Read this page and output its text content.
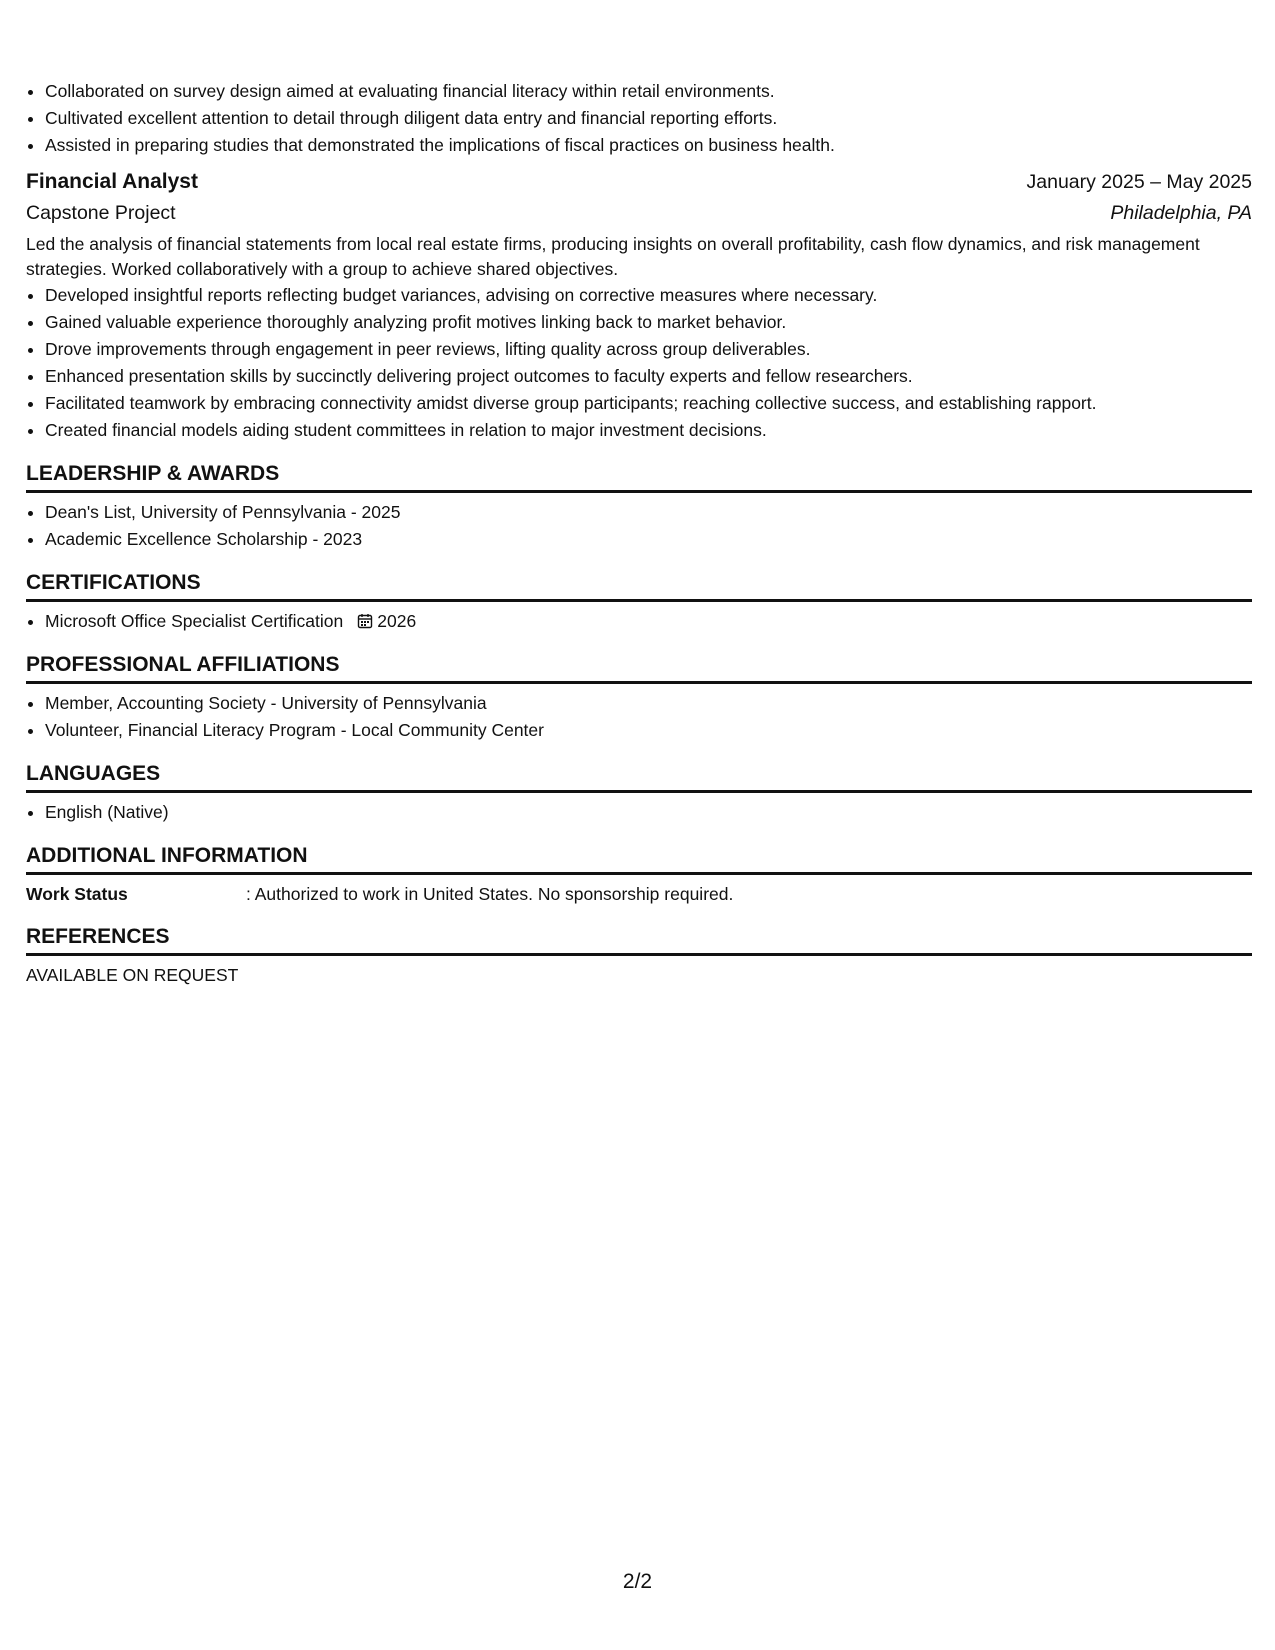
• Collaborated on survey design aimed at evaluating financial literacy within retail environments.
• Cultivated excellent attention to detail through diligent data entry and financial reporting efforts.
• Assisted in preparing studies that demonstrated the implications of fiscal practices on business health.
Financial Analyst	January 2025 – May 2025
Capstone Project	Philadelphia, PA
Led the analysis of financial statements from local real estate firms, producing insights on overall profitability, cash flow dynamics, and risk management strategies. Worked collaboratively with a group to achieve shared objectives.
• Developed insightful reports reflecting budget variances, advising on corrective measures where necessary.
• Gained valuable experience thoroughly analyzing profit motives linking back to market behavior.
• Drove improvements through engagement in peer reviews, lifting quality across group deliverables.
• Enhanced presentation skills by succinctly delivering project outcomes to faculty experts and fellow researchers.
• Facilitated teamwork by embracing connectivity amidst diverse group participants; reaching collective success, and establishing rapport.
• Created financial models aiding student committees in relation to major investment decisions.
LEADERSHIP & AWARDS
• Dean's List, University of Pennsylvania - 2025
• Academic Excellence Scholarship - 2023
CERTIFICATIONS
• Microsoft Office Specialist Certification 2026
PROFESSIONAL AFFILIATIONS
• Member, Accounting Society - University of Pennsylvania
• Volunteer, Financial Literacy Program - Local Community Center
LANGUAGES
• English (Native)
ADDITIONAL INFORMATION
Work Status	: Authorized to work in United States. No sponsorship required.
REFERENCES
AVAILABLE ON REQUEST
2/2
